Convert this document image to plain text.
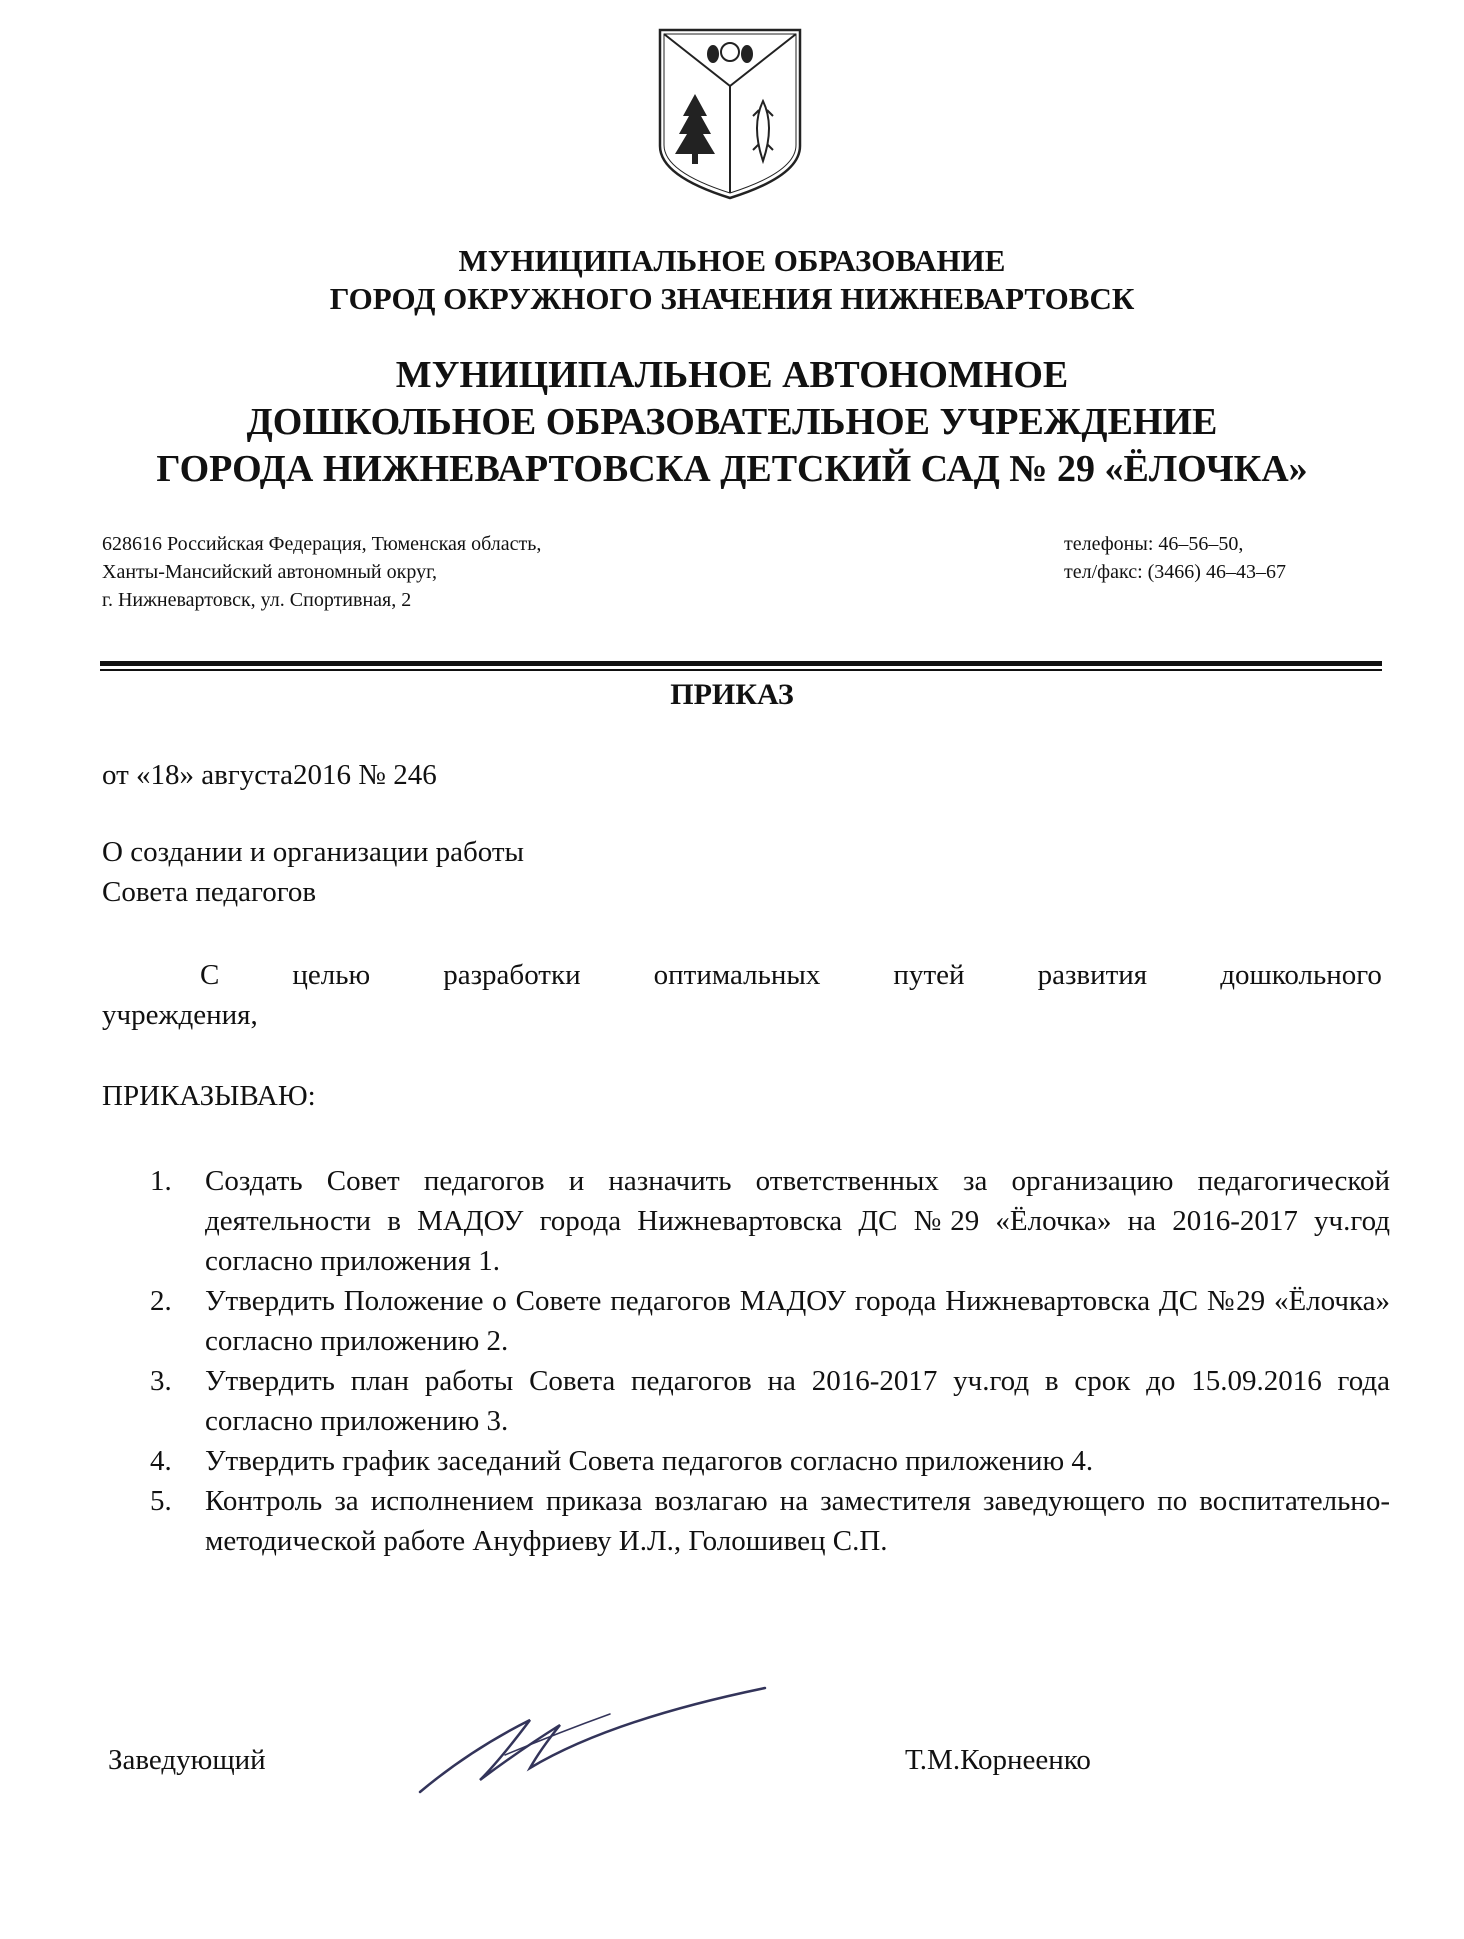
МУНИЦИПАЛЬНОЕ ОБРАЗОВАНИЕ
ГОРОД ОКРУЖНОГО ЗНАЧЕНИЯ НИЖНЕВАРТОВСК
МУНИЦИПАЛЬНОЕ АВТОНОМНОЕ
ДОШКОЛЬНОЕ ОБРАЗОВАТЕЛЬНОЕ УЧРЕЖДЕНИЕ
ГОРОДА НИЖНЕВАРТОВСКА ДЕТСКИЙ САД № 29 «ЁЛОЧКА»
628616 Российская Федерация, Тюменская область,
Ханты-Мансийский автономный округ,
г. Нижневартовск, ул. Спортивная, 2
телефоны: 46–56–50,
тел/факс: (3466) 46–43–67
ПРИКАЗ
от «18» августа2016 № 246
О создании и организации работы
Совета педагогов
С	целью	разработки	оптимальных	путей	развития	дошкольного
учреждения,
ПРИКАЗЫВАЮ:
1. Создать Совет педагогов и назначить ответственных за организацию педагогической деятельности в МАДОУ города Нижневартовска ДС №29 «Ёлочка» на 2016-2017 уч.год согласно приложения 1.
2. Утвердить Положение о Совете педагогов МАДОУ города Нижневартовска ДС №29 «Ёлочка» согласно приложению 2.
3. Утвердить план работы Совета педагогов на 2016-2017 уч.год в срок до 15.09.2016 года согласно приложению 3.
4. Утвердить график заседаний Совета педагогов согласно приложению 4.
5. Контроль за исполнением приказа возлагаю на заместителя заведующего по воспитательно-методической работе Ануфриеву И.Л., Голошивец С.П.
Заведующий	Т.М.Корнеенко
